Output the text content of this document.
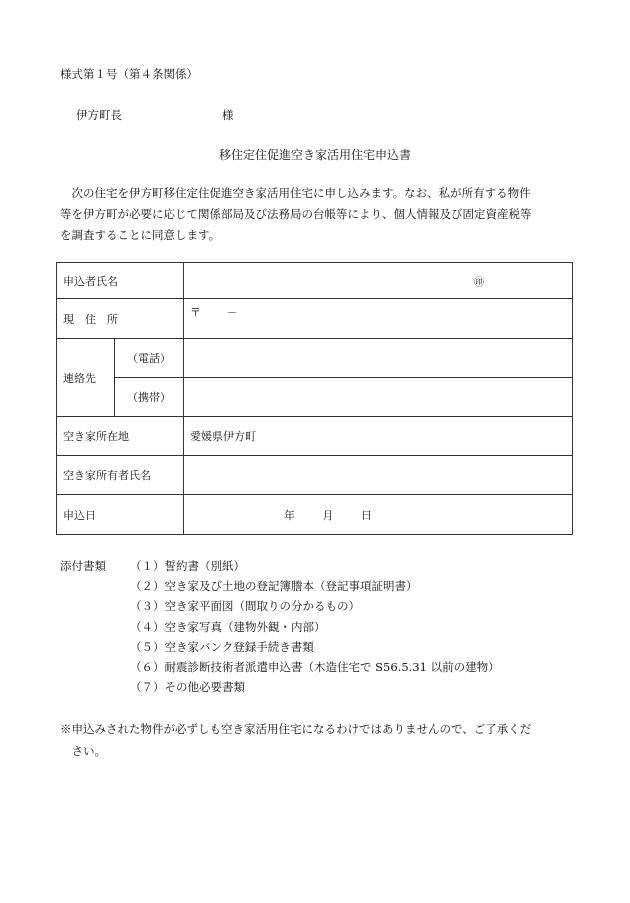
様式第１号（第４条関係）
伊方町長	様
移住定住促進空き家活用住宅申込書

　次の住宅を伊方町移住定住促進空き家活用住宅に申し込みます。なお、私が所有する物件

等を伊方町が必要に応じて関係部局及び法務局の台帳等により、個人情報及び固定資産税等

を調査することに同意します。

申込者氏名		㊞

現　住　所		〒 －
連絡先	（電話）	
	（携帯）	
空き家所在地		愛媛県伊方町
空き家所有者氏名		
申込日		年 月 日
添付書類 （１）誓約書（別紙）
（２）空き家及び土地の登記簿謄本（登記事項証明書）
（３）空き家平面図（間取りの分かるもの）
（４）空き家写真（建物外観・内部）
（５）空き家バンク登録手続き書類
（６）耐震診断技術者派遣申込書（木造住宅で S56.5.31 以前の建物）
（７）その他必要書類
※申込みされた物件が必ずしも空き家活用住宅になるわけではありませんので、ご了承くだ
　さい。
